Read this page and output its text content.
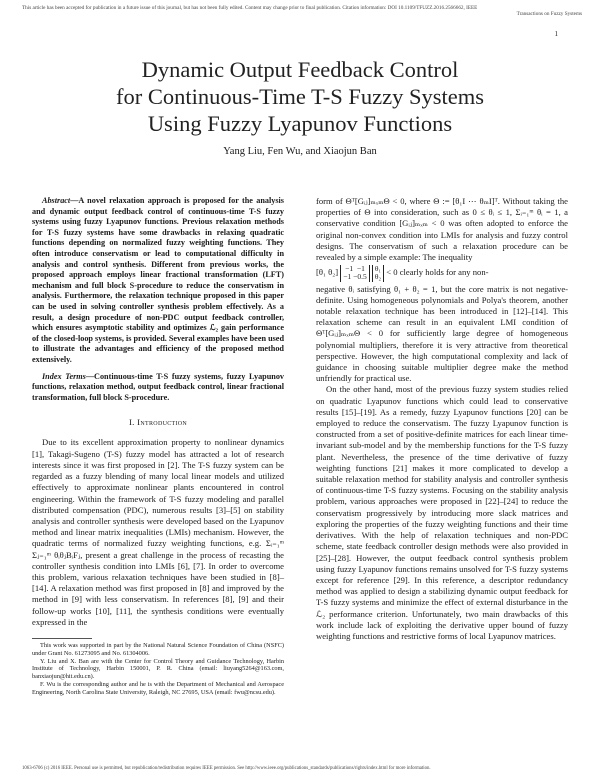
This article has been accepted for publication in a future issue of this journal, but has not been fully edited. Content may change prior to final publication. Citation information: DOI 10.1109/TFUZZ.2016.2566662, IEEE
Transactions on Fuzzy Systems
1
Dynamic Output Feedback Control
for Continuous-Time T-S Fuzzy Systems
Using Fuzzy Lyapunov Functions
Yang Liu, Fen Wu, and Xiaojun Ban

Abstract—A novel relaxation approach is proposed for the analysis and dynamic output feedback control of continuous-time T-S fuzzy systems using fuzzy Lyapunov functions. Previous relaxation methods for T-S fuzzy systems have some drawbacks in relaxing quadratic functions depending on normalized fuzzy weighting functions. They often introduce conservatism or lead to computational difficulty in analysis and control synthesis. Different from previous works, the proposed approach employs linear fractional transformation (LFT) mechanism and full block S-procedure to reduce the conservatism in analysis. Furthermore, the relaxation technique proposed in this paper can be used in solving controller synthesis problem effectively. As a result, a design procedure of non-PDC output feedback controller, which ensures asymptotic stability and optimizes ℒ₂ gain performance of the closed-loop systems, is provided. Several examples have been used to illustrate the advantages and efficiency of the proposed method extensively.

Index Terms—Continuous-time T-S fuzzy systems, fuzzy Lyapunov functions, relaxation method, output feedback control, linear fractional transformation, full block S-procedure.

I. Introduction

Due to its excellent approximation property to nonlinear dynamics [1], Takagi-Sugeno (T-S) fuzzy model has attracted a lot of research interests since it was first proposed in [2]. The T-S fuzzy system can be regarded as a fuzzy blending of many local linear models and utilized effectively to approximate nonlinear plants encountered in control engineering. Within the framework of T-S fuzzy modeling and parallel distributed compensation (PDC), numerous results [3]–[5] on stability analysis and controller synthesis were developed based on the Lyapunov method and linear matrix inequalities (LMIs) mechanism. However, the quadratic terms of normalized fuzzy weighting functions, e.g. Σᵢ₌₁ᵐ Σⱼ₌₁ᵐ θᵢθⱼBᵢFⱼ, present a great challenge in the process of recasting the controller synthesis condition into LMIs [6], [7]. In order to overcome this problem, various relaxation techniques have been studied in [8]–[14]. A relaxation method was first proposed in [8] and improved by the method in [9] with less conservatism. In references [8], [9] and their follow-up works [10], [11], the synthesis conditions were eventually expressed in the

This work was supported in part by the National Natural Science Foundation of China (NSFC) under Grant No. 61273095 and No. 61304006.

Y. Liu and X. Ban are with the Center for Control Theory and Guidance Technology, Harbin Institute of Technology, Harbin 150001, P. R. China (email: liuyang5264@163.com, banxiaojun@hit.edu.cn).

F. Wu is the corresponding author and he is with the Department of Mechanical and Aerospace Engineering, North Carolina State University, Raleigh, NC 27695, USA (email: fwu@ncsu.edu).

form of Θᵀ[Gᵢⱼ]ₘₓₘΘ < 0, where Θ := [θ₁I ⋯ θₘI]ᵀ. Without taking the properties of Θ into consideration, such as 0 ≤ θᵢ ≤ 1, Σᵢ₌₁ᵐ θᵢ = 1, a conservative condition [Gᵢⱼ]ₘₓₘ < 0 was often adopted to enforce the original non-convex condition into LMIs for analysis and fuzzy control designs. The conservatism of such a relaxation procedure can be revealed by a simple example: The inequality

[θ₁ θ₂] −1 −1
−1 −0.5

θ₁
θ₂ < 0 clearly holds for any non-

negative θᵢ satisfying θ₁ + θ₂ = 1, but the core matrix is not negative-definite. Using homogeneous polynomials and Polya's theorem, another notable relaxation technique has been introduced in [12]–[14]. This relaxation scheme can result in an equivalent LMI condition of Θᵀ[Gᵢⱼ]ₘₓₘΘ < 0 for sufficiently large degree of homogeneous polynomial multipliers, therefore it is very attractive from theoretical perspective. However, the high computational complexity and lack of guidance in choosing suitable multiplier degree make the method unfriendly for practical use.

On the other hand, most of the previous fuzzy system studies relied on quadratic Lyapunov functions which could lead to conservative results [15]–[19]. As a remedy, fuzzy Lyapunov functions [20] can be employed to reduce the conservatism. The fuzzy Lyapunov function is constructed from a set of positive-definite matrices for each linear time-invariant sub-model and by the membership functions for the T-S fuzzy plant. Nevertheless, the presence of the time derivative of fuzzy weighting functions [21] makes it more complicated to develop a suitable relaxation method for stability analysis and controller synthesis of continuous-time T-S fuzzy systems. Focusing on the stability analysis problem, various approaches were proposed in [22]–[24] to reduce the conservatism progressively by introducing more slack matrices and exploring the properties of the fuzzy weighting functions and their time derivatives. With the help of relaxation techniques and non-PDC scheme, state feedback controller design methods were also provided in [25]–[28]. However, the output feedback control synthesis problem using fuzzy Lyapunov functions remains unsolved for T-S fuzzy systems except for reference [29]. In this reference, a descriptor redundancy method was applied to design a stabilizing dynamic output feedback for T-S fuzzy systems and minimize the effect of external disturbance in the ℒ₂ performance criterion. Unfortunately, two main drawbacks of this work include lack of exploiting the derivative upper bound of fuzzy weighting functions and restrictive forms of local Lyapunov matrices.

1063-6706 (c) 2016 IEEE. Personal use is permitted, but republication/redistribution requires IEEE permission. See http://www.ieee.org/publications_standards/publications/rights/index.html for more information.
